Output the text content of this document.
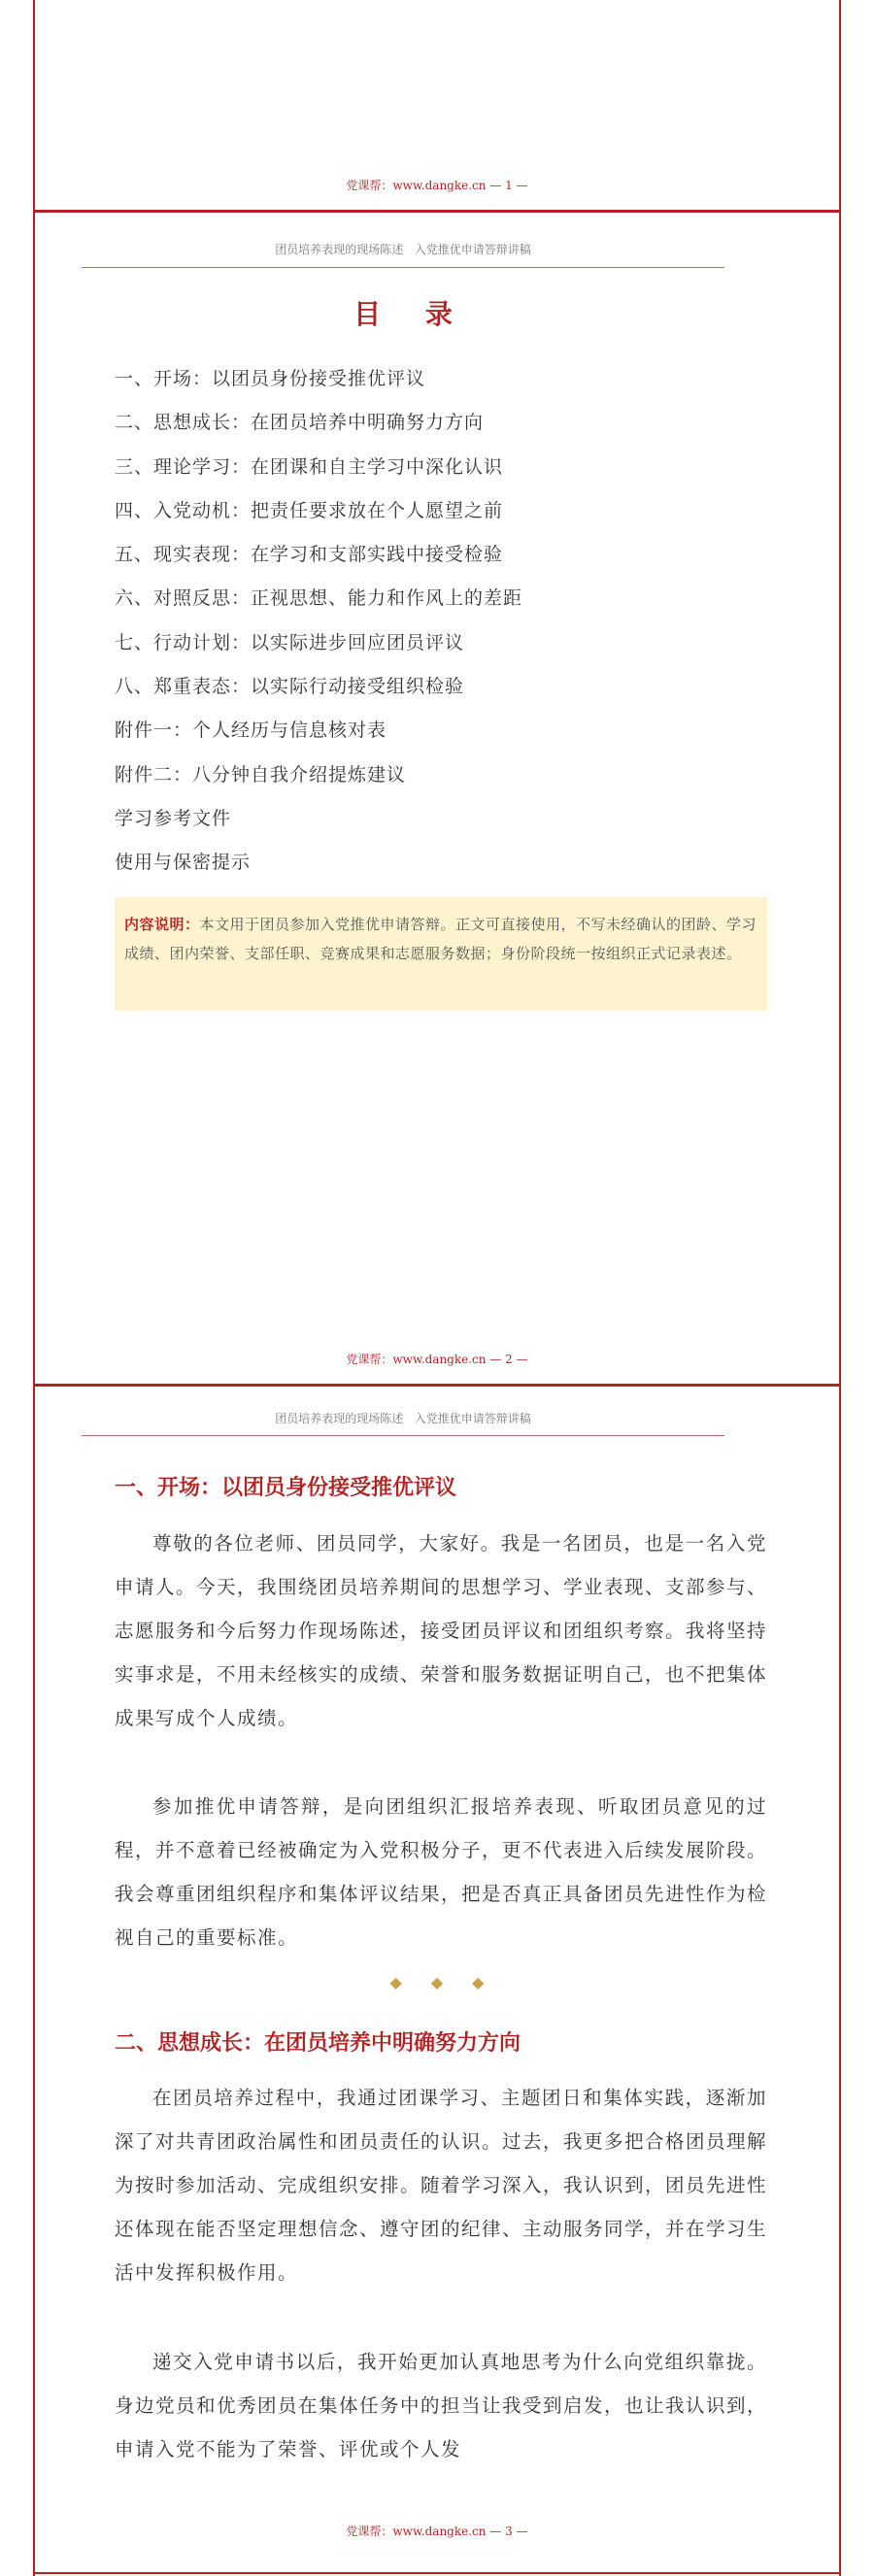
党课帮：www.dangke.cn — 1 —
团员培养表现的现场陈述 入党推优申请答辩讲稿
目 录
一、开场：以团员身份接受推优评议
二、思想成长：在团员培养中明确努力方向
三、理论学习：在团课和自主学习中深化认识
四、入党动机：把责任要求放在个人愿望之前
五、现实表现：在学习和支部实践中接受检验
六、对照反思：正视思想、能力和作风上的差距
七、行动计划：以实际进步回应团员评议
八、郑重表态：以实际行动接受组织检验
附件一：个人经历与信息核对表
附件二：八分钟自我介绍提炼建议
学习参考文件
使用与保密提示
内容说明：本文用于团员参加入党推优申请答辩。正文可直接使用，不写未经确认的团龄、学习成绩、团内荣誉、支部任职、竞赛成果和志愿服务数据；身份阶段统一按组织正式记录表述。
党课帮：www.dangke.cn — 2 —
团员培养表现的现场陈述 入党推优申请答辩讲稿
一、开场：以团员身份接受推优评议

尊敬的各位老师、团员同学，大家好。我是一名团员，也是一名入党申请人。今天，我围绕团员培养期间的思想学习、学业表现、支部参与、志愿服务和今后努力作现场陈述，接受团员评议和团组织考察。我将坚持实事求是，不用未经核实的成绩、荣誉和服务数据证明自己，也不把集体成果写成个人成绩。

参加推优申请答辩，是向团组织汇报培养表现、听取团员意见的过程，并不意着已经被确定为入党积极分子，更不代表进入后续发展阶段。我会尊重团组织程序和集体评议结果，把是否真正具备团员先进性作为检视自己的重要标准。

◆◆◆
二、思想成长：在团员培养中明确努力方向

在团员培养过程中，我通过团课学习、主题团日和集体实践，逐渐加深了对共青团政治属性和团员责任的认识。过去，我更多把合格团员理解为按时参加活动、完成组织安排。随着学习深入，我认识到，团员先进性还体现在能否坚定理想信念、遵守团的纪律、主动服务同学，并在学习生活中发挥积极作用。

递交入党申请书以后，我开始更加认真地思考为什么向党组织靠拢。身边党员和优秀团员在集体任务中的担当让我受到启发，也让我认识到，申请入党不能为了荣誉、评优或个人发

党课帮：www.dangke.cn — 3 —
